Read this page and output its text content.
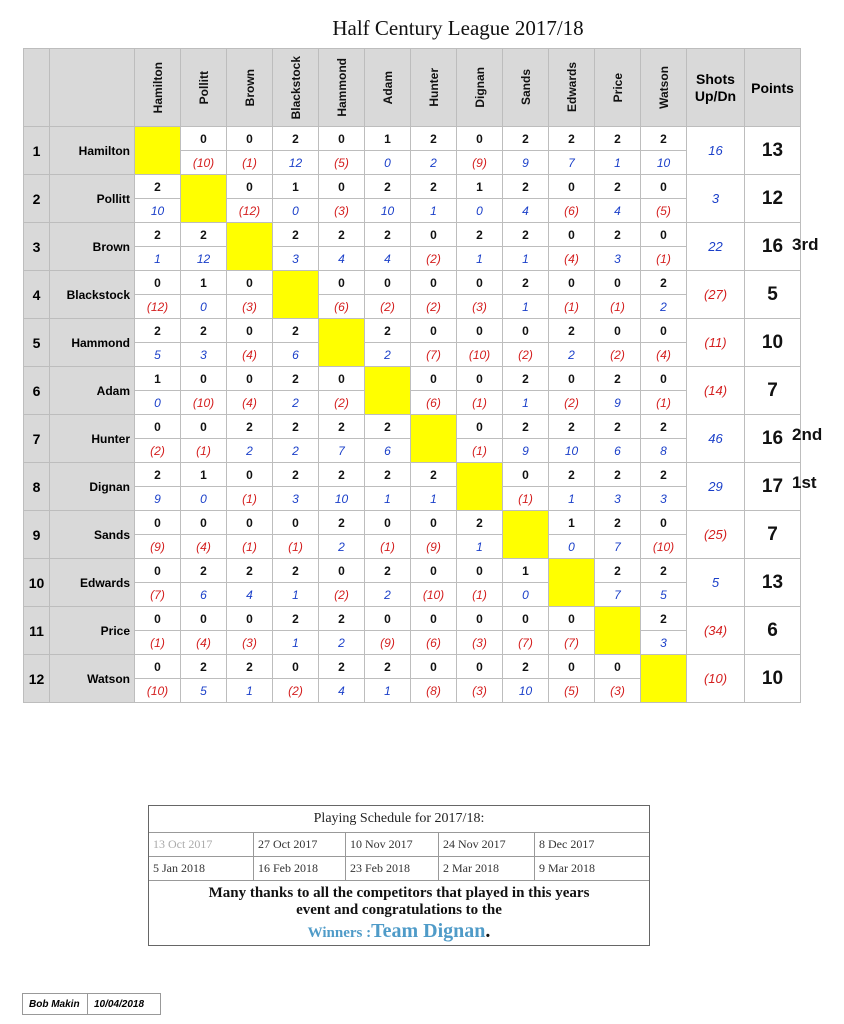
Half Century League 2017/18

		Hamilton	Pollitt	Brown	Blackstock	Hammond	Adam	Hunter	Dignan	Sands	Edwards	Price	Watson	Shots
Up/Dn	Points
1	Hamilton		0	0	2	0	1	2	0	2	2	2	2	16	13
			(10)	(1)	12	(5)	0	2	(9)	9	7	1	10		
2	Pollitt	2		0	1	0	2	2	1	2	0	2	0	3	12
		10		(12)	0	(3)	10	1	0	4	(6)	4	(5)		
3	Brown	2	2		2	2	2	0	2	2	0	2	0	22	16
		1	12		3	4	4	(2)	1	1	(4)	3	(1)		
4	Blackstock	0	1	0		0	0	0	0	2	0	0	2	(27)	5
		(12)	0	(3)		(6)	(2)	(2)	(3)	1	(1)	(1)	2		
5	Hammond	2	2	0	2		2	0	0	0	2	0	0	(11)	10
		5	3	(4)	6		2	(7)	(10)	(2)	2	(2)	(4)		
6	Adam	1	0	0	2	0		0	0	2	0	2	0	(14)	7
		0	(10)	(4)	2	(2)		(6)	(1)	1	(2)	9	(1)		
7	Hunter	0	0	2	2	2	2		0	2	2	2	2	46	16
		(2)	(1)	2	2	7	6		(1)	9	10	6	8		
8	Dignan	2	1	0	2	2	2	2		0	2	2	2	29	17
		9	0	(1)	3	10	1	1		(1)	1	3	3		
9	Sands	0	0	0	0	2	0	0	2		1	2	0	(25)	7
		(9)	(4)	(1)	(1)	2	(1)	(9)	1		0	7	(10)		
10	Edwards	0	2	2	2	0	2	0	0	1		2	2	5	13
		(7)	6	4	1	(2)	2	(10)	(1)	0		7	5		
11	Price	0	0	0	2	2	0	0	0	0	0		2	(34)	6
		(1)	(4)	(3)	1	2	(9)	(6)	(3)	(7)	(7)		3		
12	Watson	0	2	2	0	2	2	0	0	2	0	0		(10)	10
		(10)	5	1	(2)	4	1	(8)	(3)	10	(5)	(3)			
3rd
2nd
1st
Playing Schedule for 2017/18:
13 Oct 2017	27 Oct 2017	10 Nov 2017	24 Nov 2017	8 Dec 2017
5 Jan 2018	16 Feb 2018	23 Feb 2018	2 Mar 2018	9 Mar 2018
Many thanks to all the competitors that played in this years
event and congratulations to the
Winners :Team Dignan.
Bob Makin	10/04/2018
